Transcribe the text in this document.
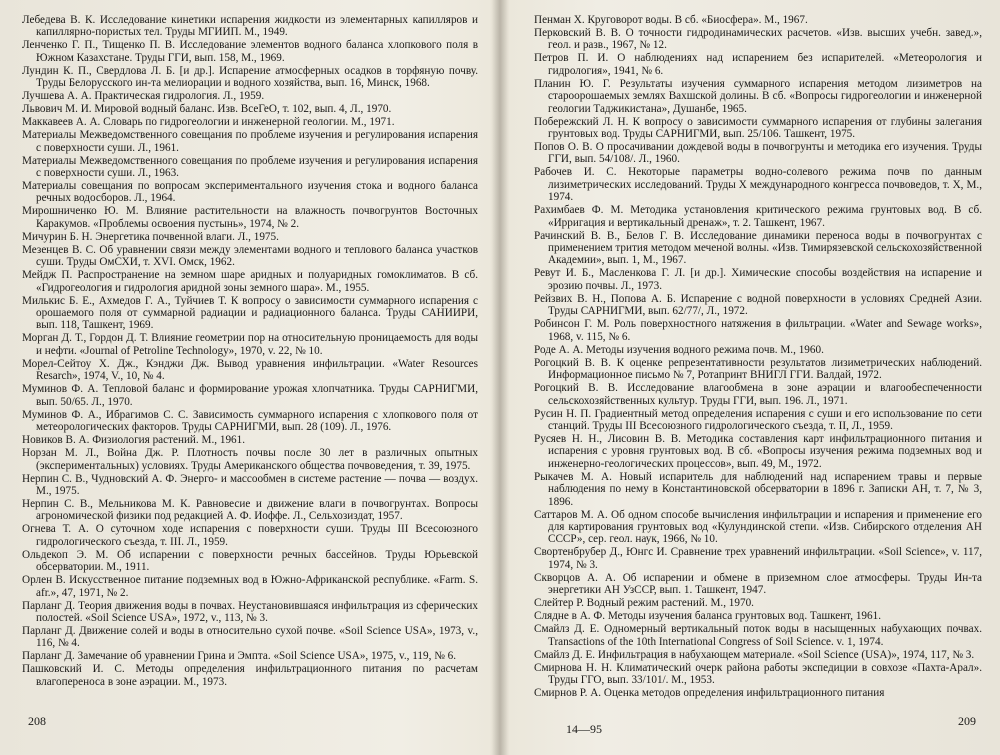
Лебедева В. К. Исследование кинетики испарения жидкости из элементарных капилляров и капиллярно-пористых тел. Труды МГИИП. М., 1949.

Ленченко Г. П., Тищенко П. В. Исследование элементов водного баланса хлопкового поля в Южном Казахстане. Труды ГГИ, вып. 158, М., 1969.

Лундин К. П., Свердлова Л. Б. [и др.]. Испарение атмосферных осадков в торфяную почву. Труды Белорусского ин-та мелиорации и водного хозяйства, вып. 16, Минск, 1968.

Лучшева А. А. Практическая гидрология. Л., 1959.

Львович М. И. Мировой водный баланс. Изв. ВсеГеО, т. 102, вып. 4, Л., 1970.

Маккавеев А. А. Словарь по гидрогеологии и инженерной геологии. М., 1971.

Материалы Межведомственного совещания по проблеме изучения и регулирования испарения с поверхности суши. Л., 1961.

Материалы Межведомственного совещания по проблеме изучения и регулирования испарения с поверхности суши. Л., 1963.

Материалы совещания по вопросам экспериментального изучения стока и водного баланса речных водосборов. Л., 1964.

Мирошниченко Ю. М. Влияние растительности на влажность почвогрунтов Восточных Каракумов. «Проблемы освоения пустынь», 1974, № 2.

Мичурин Б. Н. Энергетика почвенной влаги. Л., 1975.

Мезенцев В. С. Об уравнении связи между элементами водного и теплового баланса участков суши. Труды ОмСХИ, т. XVI. Омск, 1962.

Мейдж П. Распространение на земном шаре аридных и полуаридных гомоклиматов. В сб. «Гидрогеология и гидрология аридной зоны земного шара». М., 1955.

Милькис Б. Е., Ахмедов Г. А., Туйчиев Т. К вопросу о зависимости суммарного испарения с орошаемого поля от суммарной радиации и радиационного баланса. Труды САНИИРИ, вып. 118, Ташкент, 1969.

Морган Д. Т., Гордон Д. Т. Влияние геометрии пор на относительную проницаемость для воды и нефти. «Journal of Petroline Technology», 1970, v. 22, № 10.

Морел-Сейтоу Х. Дж., Кэнджи Дж. Вывод уравнения инфильтрации. «Water Resources Resarch», 1974, V., 10, № 4.

Муминов Ф. А. Тепловой баланс и формирование урожая хлопчатника. Труды САРНИГМИ, вып. 50/65. Л., 1970.

Муминов Ф. А., Ибрагимов С. С. Зависимость суммарного испарения с хлопкового поля от метеорологических факторов. Труды САРНИГМИ, вып. 28 (109). Л., 1976.

Новиков В. А. Физиология растений. М., 1961.

Норзан М. Л., Война Дж. Р. Плотность почвы после 30 лет в различных опытных (экспериментальных) условиях. Труды Американского общества почвоведения, т. 39, 1975.

Нерпин С. В., Чудновский А. Ф. Энерго- и массообмен в системе растение — почва — воздух. М., 1975.

Нерпин С. В., Мельникова М. К. Равновесие и движение влаги в почвогрунтах. Вопросы агрономической физики под редакцией А. Ф. Иоффе. Л., Сельхозиздат, 1957.

Огнева Т. А. О суточном ходе испарения с поверхности суши. Труды III Всесоюзного гидрологического съезда, т. III. Л., 1959.

Ольдекоп Э. М. Об испарении с поверхности речных бассейнов. Труды Юрьевской обсерватории. М., 1911.

Орлен В. Искусственное питание подземных вод в Южно-Африканской республике. «Farm. S. afr.», 47, 1971, № 2.

Парланг Д. Теория движения воды в почвах. Неустановившаяся инфильтрация из сферических полостей. «Soil Science USA», 1972, v., 113, № 3.

Парланг Д. Движение солей и воды в относительно сухой почве. «Soil Science USA», 1973, v., 116, № 4.

Парланг Д. Замечание об уравнении Грина и Эмпта. «Soil Science USA», 1975, v., 119, № 6.

Пашковский И. С. Методы определения инфильтрационного питания по расчетам влагопереноса в зоне аэрации. М., 1973.

Пенман Х. Круговорот воды. В сб. «Биосфера». М., 1967.

Перковский В. В. О точности гидродинамических расчетов. «Изв. высших учебн. завед.», геол. и разв., 1967, № 12.

Петров П. И. О наблюдениях над испарением без испарителей. «Метеорология и гидрология», 1941, № 6.

Планин Ю. Г. Результаты изучения суммарного испарения методом лизиметров на староорошаемых землях Вахшской долины. В сб. «Вопросы гидрогеологии и инженерной геологии Таджикистана», Душанбе, 1965.

Побережский Л. Н. К вопросу о зависимости суммарного испарения от глубины залегания грунтовых вод. Труды САРНИГМИ, вып. 25/106. Ташкент, 1975.

Попов О. В. О просачивании дождевой воды в почвогрунты и методика его изучения. Труды ГГИ, вып. 54/108/. Л., 1960.

Рабочев И. С. Некоторые параметры водно-солевого режима почв по данным лизиметрических исследований. Труды X международного конгресса почвоведов, т. X, М., 1974.

Рахимбаев Ф. М. Методика установления критического режима грунтовых вод. В сб. «Ирригация и вертикальный дренаж», т. 2. Ташкент, 1967.

Рачинский В. В., Белов Г. В. Исследование динамики переноса воды в почвогрунтах с применением трития методом меченой волны. «Изв. Тимирязевской сельскохозяйственной Академии», вып. 1, М., 1967.

Ревут И. Б., Масленкова Г. Л. [и др.]. Химические способы воздействия на испарение и эрозию почвы. Л., 1973.

Рейзвих В. Н., Попова А. Б. Испарение с водной поверхности в условиях Средней Азии. Труды САРНИГМИ, вып. 62/77/, Л., 1972.

Робинсон Г. М. Роль поверхностного натяжения в фильтрации. «Water and Sewage works», 1968, v. 115, № 6.

Роде А. А. Методы изучения водного режима почв. М., 1960.

Рогоцкий В. В. К оценке репрезентативности результатов лизиметрических наблюдений. Информационное письмо № 7, Ротапринт ВНИГЛ ГГИ. Валдай, 1972.

Рогоцкий В. В. Исследование влагообмена в зоне аэрации и влагообеспеченности сельскохозяйственных культур. Труды ГГИ, вып. 196. Л., 1971.

Русин Н. П. Градиентный метод определения испарения с суши и его использование по сети станций. Труды III Всесоюзного гидрологического съезда, т. II, Л., 1959.

Русяев Н. Н., Лисовин В. В. Методика составления карт инфильтрационного питания и испарения с уровня грунтовых вод. В сб. «Вопросы изучения режима подземных вод и инженерно-геологических процессов», вып. 49, М., 1972.

Рыкачев М. А. Новый испаритель для наблюдений над испарением травы и первые наблюдения по нему в Константиновской обсерватории в 1896 г. Записки АН, т. 7, № 3, 1896.

Саттаров М. А. Об одном способе вычисления инфильтрации и испарения и применение его для картирования грунтовых вод «Кулундинской степи. «Изв. Сибирского отделения АН СССР», сер. геол. наук, 1966, № 10.

Свортенбрубер Д., Юнгс И. Сравнение трех уравнений инфильтрации. «Soil Science», v. 117, 1974, № 3.

Скворцов А. А. Об испарении и обмене в приземном слое атмосферы. Труды Ин-та энергетики АН УзССР, вып. 1. Ташкент, 1947.

Слейтер Р. Водный режим растений. М., 1970.

Слядне в А. Ф. Методы изучения баланса грунтовых вод. Ташкент, 1961.

Смайлз Д. Е. Одномерный вертикальный поток воды в насыщенных набухающих почвах. Transactions of the 10th International Congress of Soil Science. v. 1, 1974.

Смайлз Д. Е. Инфильтрация в набухающем материале. «Soil Science (USA)», 1974, 117, № 3.

Смирнова Н. Н. Климатический очерк района работы экспедиции в совхозе «Пахта-Арал». Труды ГГО, вып. 33/101/. М., 1953.

Смирнов Р. А. Оценка методов определения инфильтрационного питания

208
14—95
209
